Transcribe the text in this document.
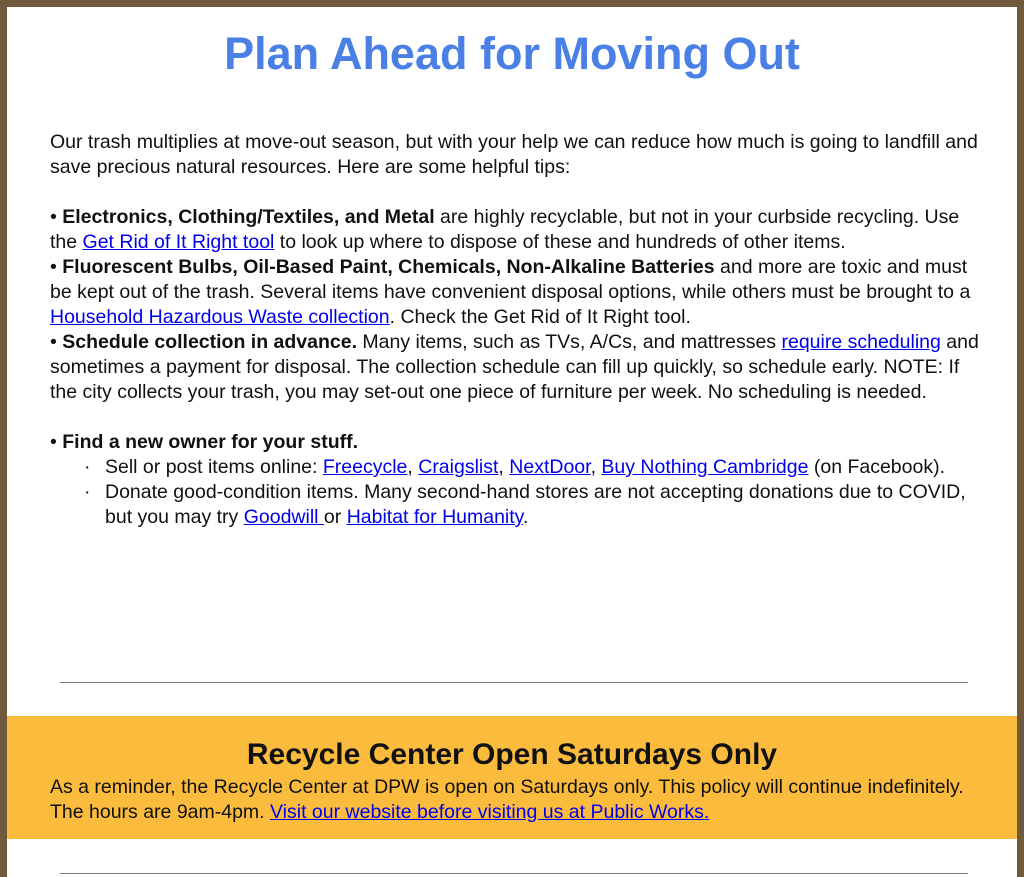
Plan Ahead for Moving Out

Our trash multiplies at move-out season, but with your help we can reduce how much is going to landfill and save precious natural resources. Here are some helpful tips:

• Electronics, Clothing/Textiles, and Metal are highly recyclable, but not in your curbside recycling. Use the Get Rid of It Right tool to look up where to dispose of these and hundreds of other items.

• Fluorescent Bulbs, Oil-Based Paint, Chemicals, Non-Alkaline Batteries and more are toxic and must be kept out of the trash. Several items have convenient disposal options, while others must be brought to a Household Hazardous Waste collection. Check the Get Rid of It Right tool.

• Schedule collection in advance. Many items, such as TVs, A/Cs, and mattresses require scheduling and sometimes a payment for disposal. The collection schedule can fill up quickly, so schedule early. NOTE: If the city collects your trash, you may set-out one piece of furniture per week. No scheduling is needed.

• Find a new owner for your stuff.

· Sell or post items online: Freecycle, Craigslist, NextDoor, Buy Nothing Cambridge (on Facebook).

· Donate good-condition items. Many second-hand stores are not accepting donations due to COVID, but you may try Goodwill or Habitat for Humanity.

Recycle Center Open Saturdays Only
As a reminder, the Recycle Center at DPW is open on Saturdays only. This policy will continue indefinitely. The hours are 9am-4pm. Visit our website before visiting us at Public Works.
